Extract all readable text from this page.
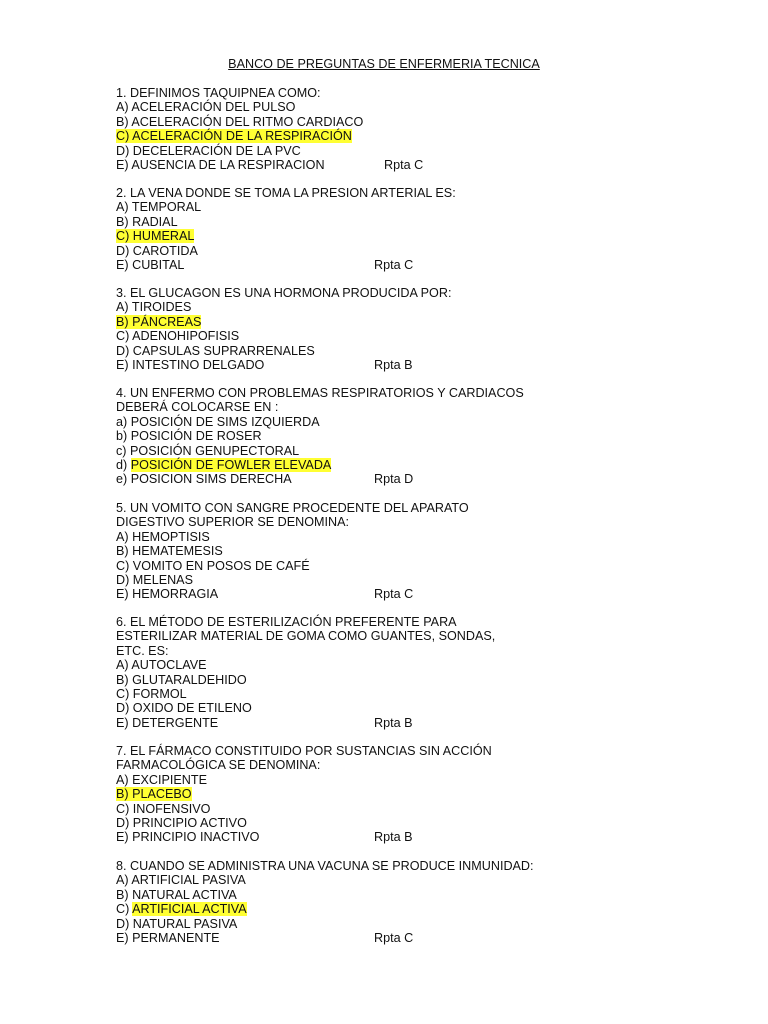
BANCO DE PREGUNTAS DE ENFERMERIA TECNICA
1. DEFINIMOS TAQUIPNEA COMO:
A) ACELERACIÓN DEL PULSO
B) ACELERACIÓN DEL RITMO CARDIACO
C) ACELERACIÓN DE LA RESPIRACIÓN
D) DECELERACIÓN DE LA PVC
E) AUSENCIA DE LA RESPIRACION	Rpta C
2. LA VENA DONDE SE TOMA LA PRESION ARTERIAL ES:
A) TEMPORAL
B) RADIAL
C) HUMERAL
D) CAROTIDA
E) CUBITAL	Rpta C
3. EL GLUCAGON ES UNA HORMONA PRODUCIDA POR:
A) TIROIDES
B) PÁNCREAS
C) ADENOHIPOFISIS
D) CAPSULAS SUPRARRENALES
E) INTESTINO DELGADO	Rpta B
4. UN ENFERMO CON PROBLEMAS RESPIRATORIOS Y CARDIACOS
DEBERÁ COLOCARSE EN :
a) POSICIÓN DE SIMS IZQUIERDA
b) POSICIÓN DE ROSER
c) POSICIÓN GENUPECTORAL
d) POSICIÓN DE FOWLER ELEVADA
e) POSICION SIMS DERECHA	Rpta D
5. UN VOMITO CON SANGRE PROCEDENTE DEL APARATO
DIGESTIVO SUPERIOR SE DENOMINA:
A) HEMOPTISIS
B) HEMATEMESIS
C) VOMITO EN POSOS DE CAFÉ
D) MELENAS
E) HEMORRAGIA	Rpta C
6. EL MÉTODO DE ESTERILIZACIÓN PREFERENTE PARA
ESTERILIZAR MATERIAL DE GOMA COMO GUANTES, SONDAS,
ETC. ES:
A) AUTOCLAVE
B) GLUTARALDEHIDO
C) FORMOL
D) OXIDO DE ETILENO
E) DETERGENTE	Rpta B
7. EL FÁRMACO CONSTITUIDO POR SUSTANCIAS SIN ACCIÓN
FARMACOLÓGICA SE DENOMINA:
A) EXCIPIENTE
B) PLACEBO
C) INOFENSIVO
D) PRINCIPIO ACTIVO
E) PRINCIPIO INACTIVO	Rpta B
8. CUANDO SE ADMINISTRA UNA VACUNA SE PRODUCE INMUNIDAD:
A) ARTIFICIAL PASIVA
B) NATURAL ACTIVA
C) ARTIFICIAL ACTIVA
D) NATURAL PASIVA
E) PERMANENTE	Rpta C
